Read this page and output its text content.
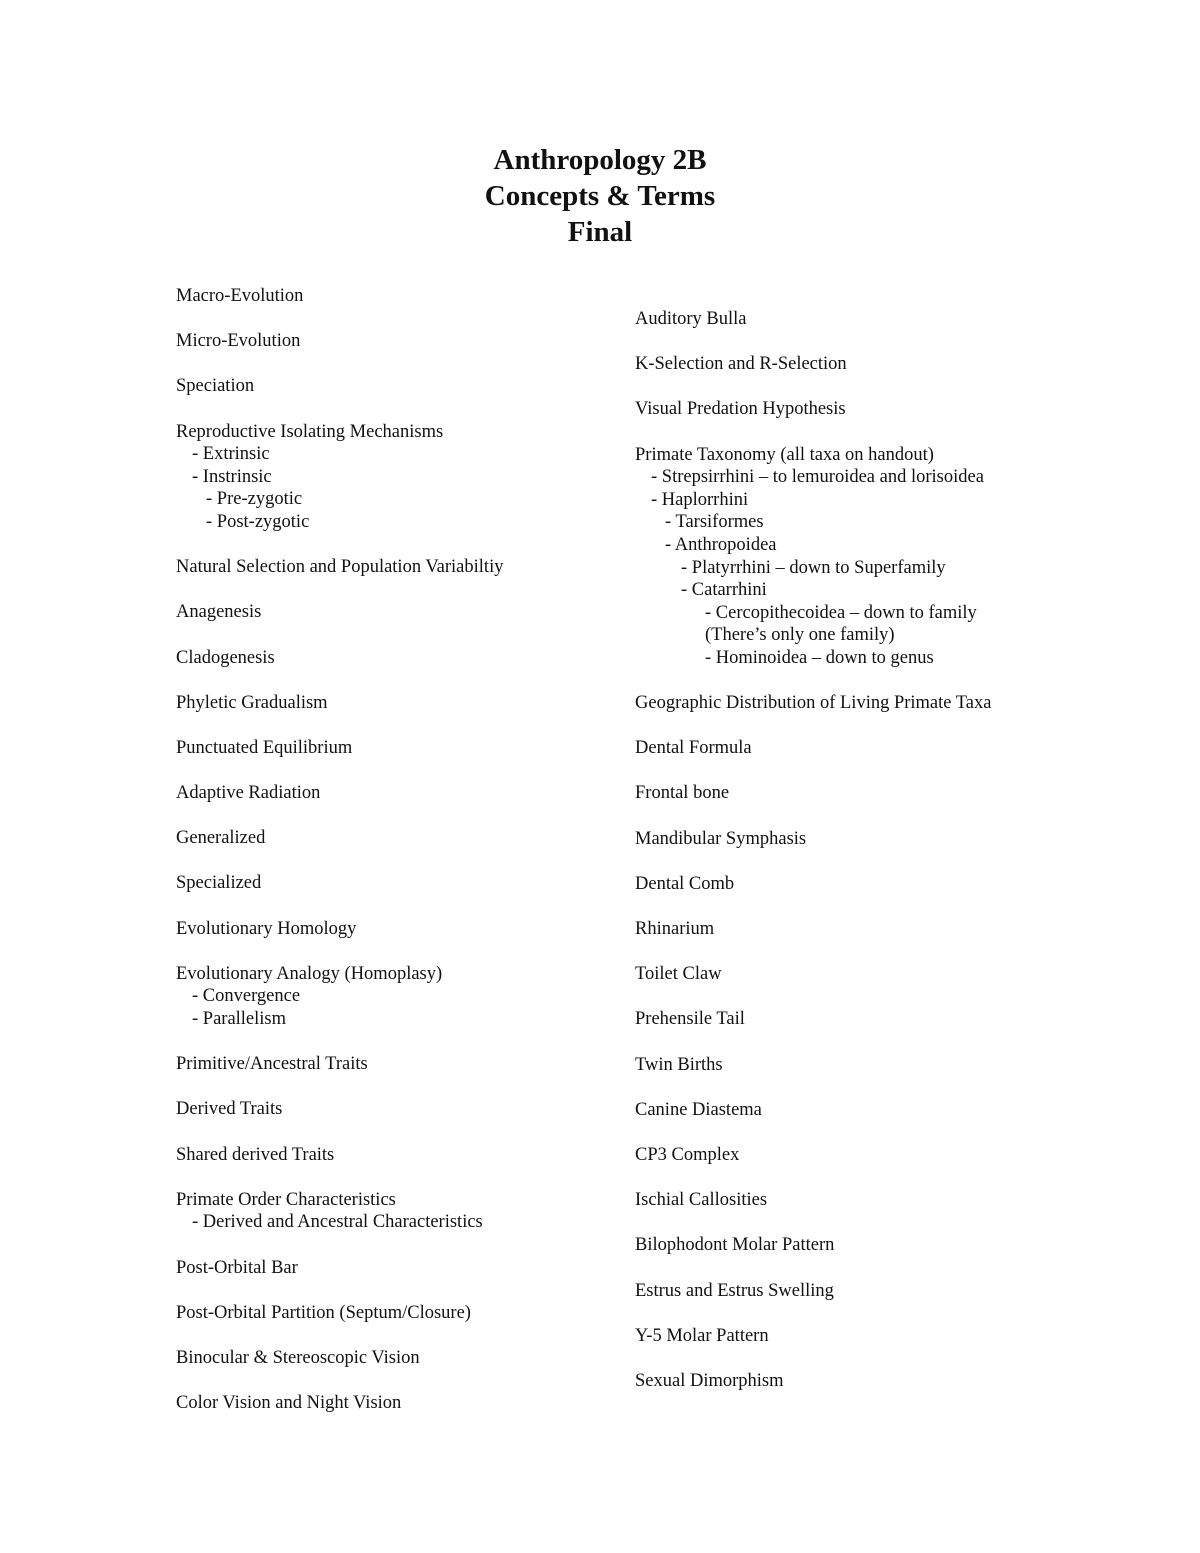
Anthropology 2B
Concepts & Terms
Final
Macro-Evolution
Micro-Evolution
Speciation
Reproductive Isolating Mechanisms
- Extrinsic
- Instrinsic
- Pre-zygotic
- Post-zygotic
Natural Selection and Population Variabiltiy
Anagenesis
Cladogenesis
Phyletic Gradualism
Punctuated Equilibrium
Adaptive Radiation
Generalized
Specialized
Evolutionary Homology
Evolutionary Analogy (Homoplasy)
- Convergence
- Parallelism
Primitive/Ancestral Traits
Derived Traits
Shared derived Traits
Primate Order Characteristics
- Derived and Ancestral Characteristics
Post-Orbital Bar
Post-Orbital Partition (Septum/Closure)
Binocular & Stereoscopic Vision
Color Vision and Night Vision
Auditory Bulla
K-Selection and R-Selection
Visual Predation Hypothesis
Primate Taxonomy (all taxa on handout)
- Strepsirrhini – to lemuroidea and lorisoidea
- Haplorrhini
- Tarsiformes
- Anthropoidea
- Platyrrhini – down to Superfamily
- Catarrhini
- Cercopithecoidea – down to family
(There’s only one family)
- Hominoidea – down to genus
Geographic Distribution of Living Primate Taxa
Dental Formula
Frontal bone
Mandibular Symphasis
Dental Comb
Rhinarium
Toilet Claw
Prehensile Tail
Twin Births
Canine Diastema
CP3 Complex
Ischial Callosities
Bilophodont Molar Pattern
Estrus and Estrus Swelling
Y-5 Molar Pattern
Sexual Dimorphism
